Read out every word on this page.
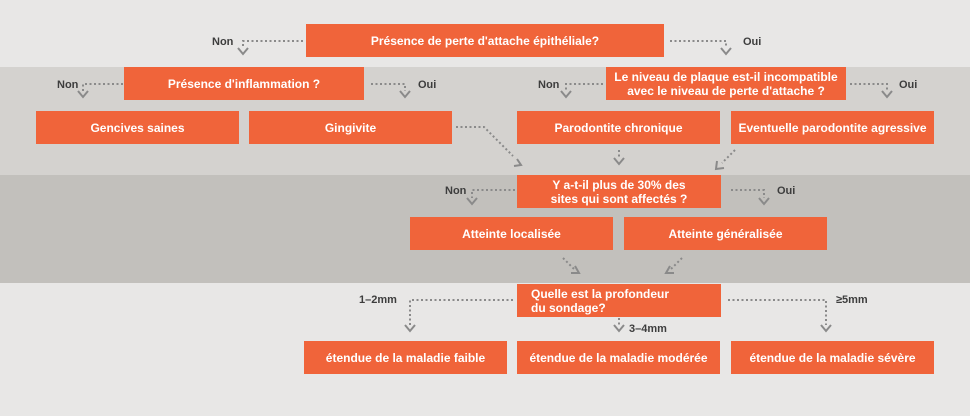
Présence de perte d'attache épithéliale?
Non	Oui
Présence d'inflammation ?
Non	Oui
Le niveau de plaque est-il incompatible
avec le niveau de perte d'attache ?
Non	Oui
Gencives saines	Gingivite	Parodontite chronique	Eventuelle parodontite agressive
Y a-t-il plus de 30% des
sites qui sont affectés ?
Non	Oui
Atteinte localisée	Atteinte généralisée
Quelle est la profondeur
du sondage?
1–2mm
3–4mm
≥5mm
étendue de la maladie faible	étendue de la maladie modérée	étendue de la maladie sévère
